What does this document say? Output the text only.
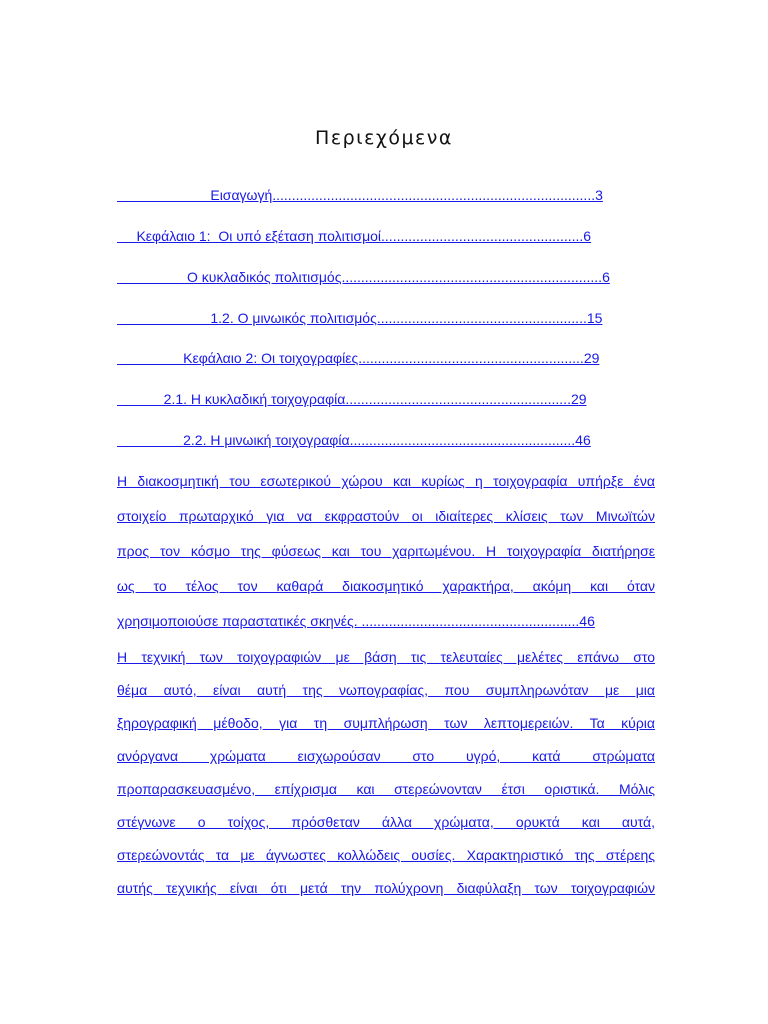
Περιεχόμενα
Εισαγωγή...................................................................................3
Κεφάλαιο 1:  Οι υπό εξέταση πολιτισμοί....................................................6
Ο κυκλαδικός πολιτισμός...................................................................6
1.2. Ο μινωικός πολιτισμός......................................................15
Κεφάλαιο 2: Οι τοιχογραφίες..........................................................29
2.1. Η κυκλαδική τοιχογραφία..........................................................29
2.2. Η μινωική τοιχογραφία..........................................................46
Η διακοσμητική του εσωτερικού χώρου και κυρίως η τοιχογραφία υπήρξε ένα
στοιχείο πρωταρχικό για να εκφραστούν οι ιδιαίτερες κλίσεις των Μινωϊτών
προς τον κόσμο της φύσεως και του χαριτωμένου. Η τοιχογραφία διατήρησε
ως το τέλος τον καθαρά διακοσμητικό χαρακτήρα, ακόμη και όταν
χρησιμοποιούσε παραστατικές σκηνές. ........................................................46
Η τεχνική των τοιχογραφιών με βάση τις τελευταίες μελέτες επάνω στο
θέμα αυτό, είναι αυτή της νωπογραφίας, που συμπληρωνόταν με μια
ξηρογραφική μέθοδο, για τη συμπλήρωση των λεπτομερειών. Τα κύρια
ανόργανα χρώματα εισχωρούσαν στο υγρό, κατά στρώματα
προπαρασκευασμένο, επίχρισμα και στερεώνονταν έτσι οριστικά. Μόλις
στέγνωνε ο τοίχος, πρόσθεταν άλλα χρώματα, ορυκτά και αυτά,
στερεώνοντάς τα με άγνωστες κολλώδεις ουσίες. Χαρακτηριστικό της στέρεης
αυτής τεχνικής είναι ότι μετά την πολύχρονη διαφύλαξη των τοιχογραφιών
